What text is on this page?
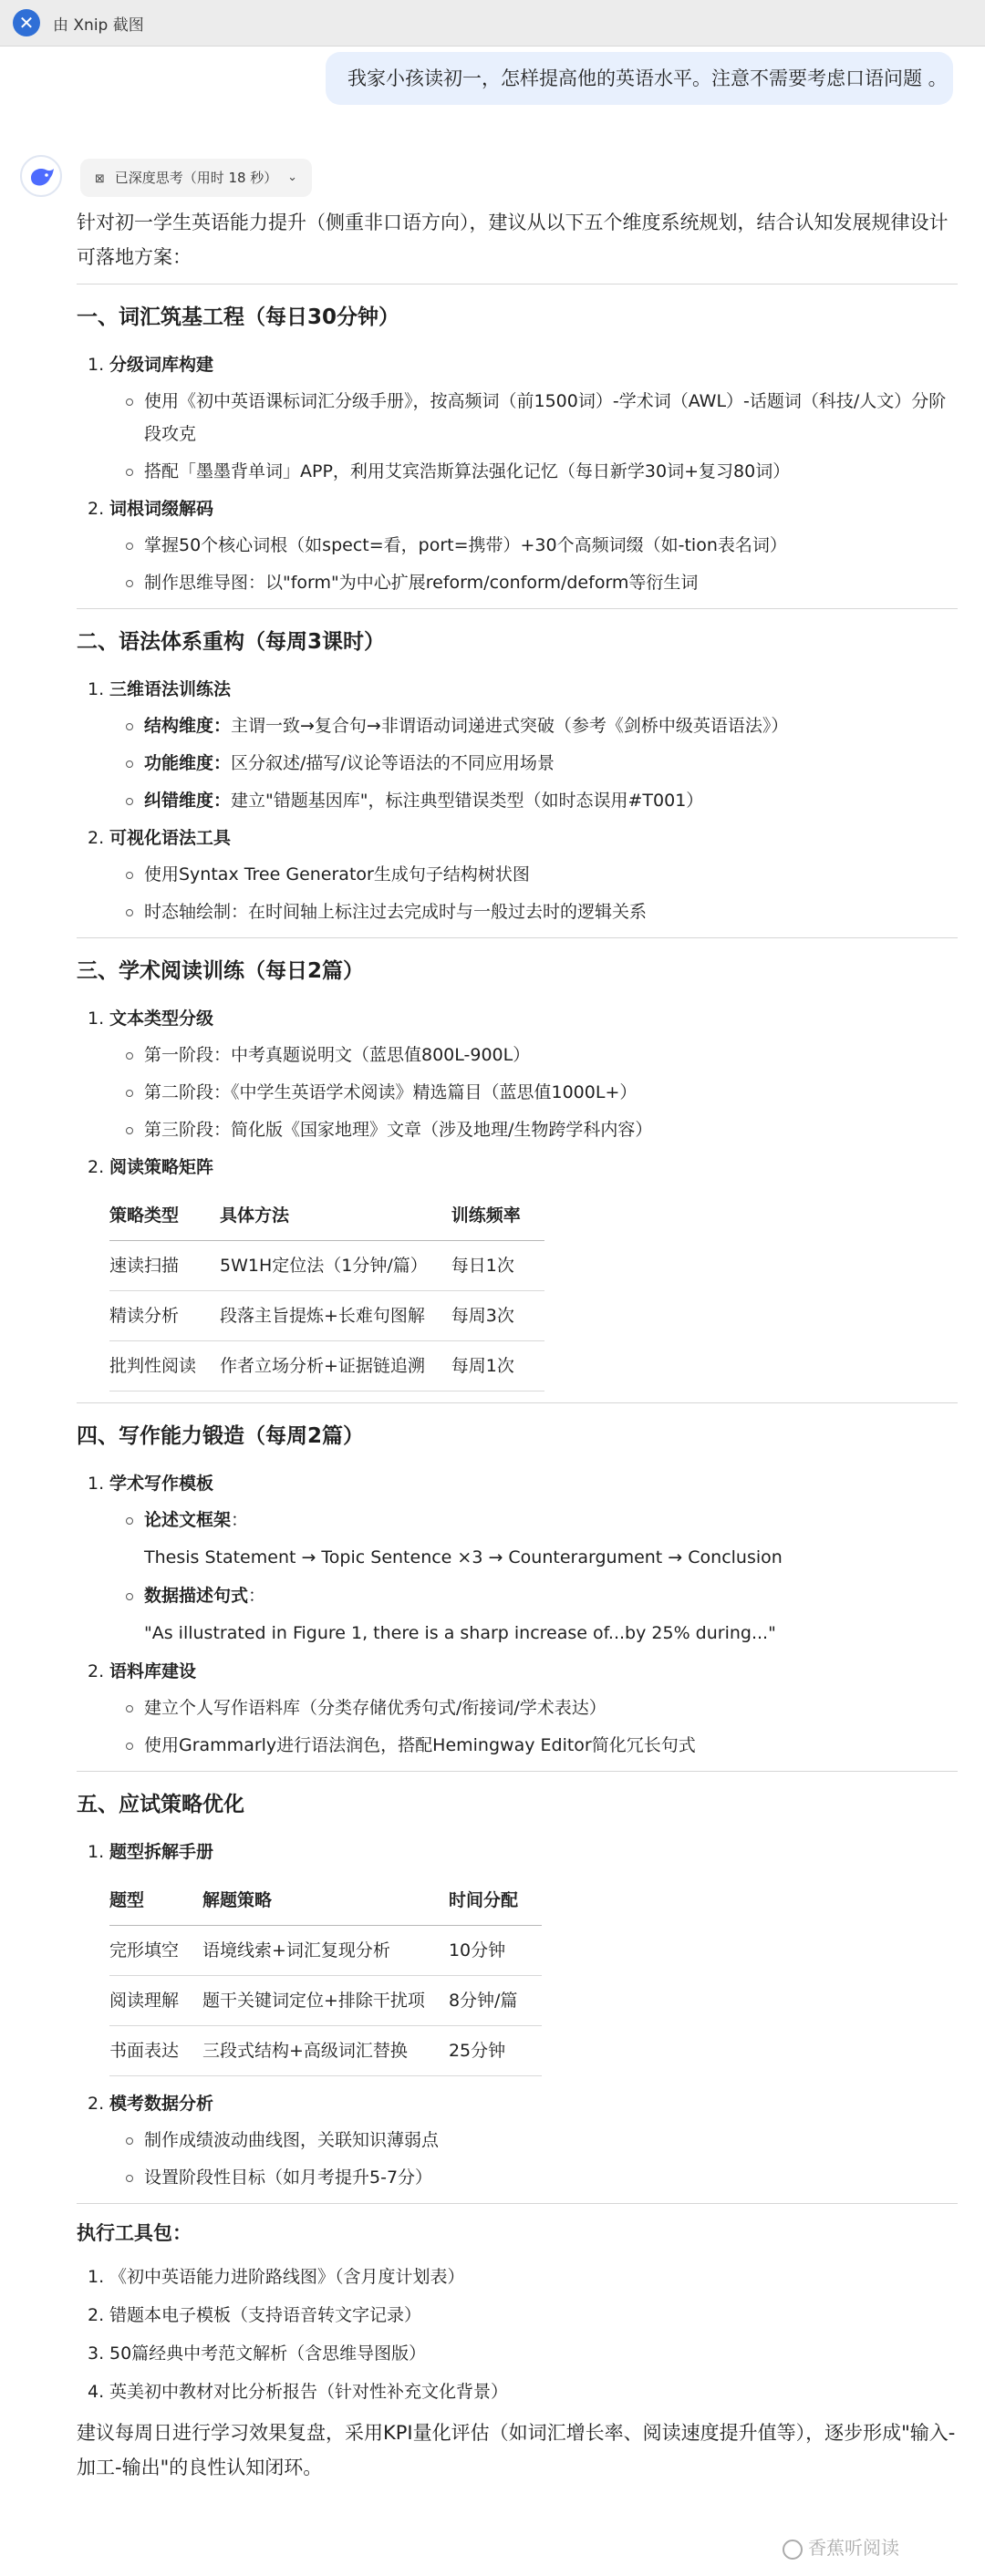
✕	由 Xnip 截图
我家小孩读初一，怎样提高他的英语水平。注意不需要考虑口语问题 。
⊠ 已深度思考（用时 18 秒） ⌄
针对初一学生英语能力提升（侧重非口语方向），建议从以下五个维度系统规划，结合认知发展规律设计可落地方案：
一、词汇筑基工程（每日30分钟）
1. 分级词库构建
使用《初中英语课标词汇分级手册》，按高频词（前1500词）-学术词（AWL）-话题词（科技/人文）分阶段攻克
搭配「墨墨背单词」APP，利用艾宾浩斯算法强化记忆（每日新学30词+复习80词）
2. 词根词缀解码
掌握50个核心词根（如spect=看，port=携带）+30个高频词缀（如-tion表名词）
制作思维导图：以"form"为中心扩展reform/conform/deform等衍生词
二、语法体系重构（每周3课时）
1. 三维语法训练法
结构维度：主谓一致→复合句→非谓语动词递进式突破（参考《剑桥中级英语语法》）
功能维度：区分叙述/描写/议论等语法的不同应用场景
纠错维度：建立"错题基因库"，标注典型错误类型（如时态误用#T001）
2. 可视化语法工具
使用Syntax Tree Generator生成句子结构树状图
时态轴绘制：在时间轴上标注过去完成时与一般过去时的逻辑关系
三、学术阅读训练（每日2篇）
1. 文本类型分级
第一阶段：中考真题说明文（蓝思值800L-900L）
第二阶段：《中学生英语学术阅读》精选篇目（蓝思值1000L+）
第三阶段：简化版《国家地理》文章（涉及地理/生物跨学科内容）
2. 阅读策略矩阵
策略类型	具体方法	训练频率
速读扫描	5W1H定位法（1分钟/篇）	每日1次
精读分析	段落主旨提炼+长难句图解	每周3次
批判性阅读	作者立场分析+证据链追溯	每周1次
四、写作能力锻造（每周2篇）
1. 学术写作模板
论述文框架：
Thesis Statement → Topic Sentence ×3 → Counterargument → Conclusion
数据描述句式：
"As illustrated in Figure 1, there is a sharp increase of...by 25% during..."
2. 语料库建设
建立个人写作语料库（分类存储优秀句式/衔接词/学术表达）
使用Grammarly进行语法润色，搭配Hemingway Editor简化冗长句式
五、应试策略优化
1. 题型拆解手册
题型	解题策略	时间分配
完形填空	语境线索+词汇复现分析	10分钟
阅读理解	题干关键词定位+排除干扰项	8分钟/篇
书面表达	三段式结构+高级词汇替换	25分钟
2. 模考数据分析
制作成绩波动曲线图，关联知识薄弱点
设置阶段性目标（如月考提升5-7分）
执行工具包：
1. 《初中英语能力进阶路线图》（含月度计划表）
2. 错题本电子模板（支持语音转文字记录）
3. 50篇经典中考范文解析（含思维导图版）
4. 英美初中教材对比分析报告（针对性补充文化背景）
建议每周日进行学习效果复盘，采用KPI量化评估（如词汇增长率、阅读速度提升值等），逐步形成"输入-加工-输出"的良性认知闭环。
香蕉听阅读
